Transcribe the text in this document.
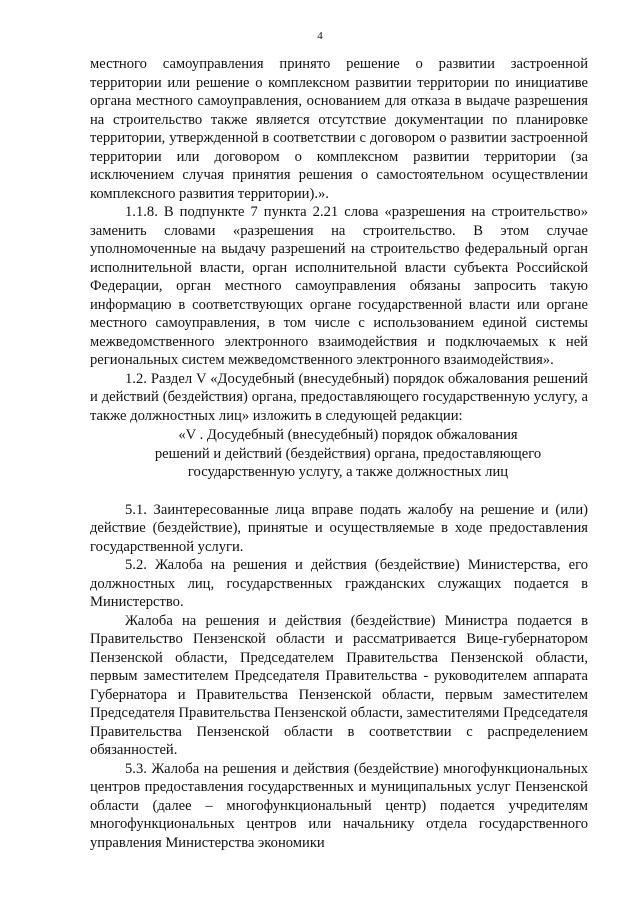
4

местного самоуправления принято решение о развитии застроенной территории или решение о комплексном развитии территории по инициативе органа местного самоуправления, основанием для отказа в выдаче разрешения на строительство также является отсутствие документации по планировке территории, утвержденной в соответствии с договором о развитии застроенной территории или договором о комплексном развитии территории (за исключением случая принятия решения о самостоятельном осуществлении комплексного развития территории).».

1.1.8. В подпункте 7 пункта 2.21 слова «разрешения на строительство» заменить словами «разрешения на строительство. В этом случае уполномоченные на выдачу разрешений на строительство федеральный орган исполнительной власти, орган исполнительной власти субъекта Российской Федерации, орган местного самоуправления обязаны запросить такую информацию в соответствующих органе государственной власти или органе местного самоуправления, в том числе с использованием единой системы межведомственного электронного взаимодействия и подключаемых к ней региональных систем межведомственного электронного взаимодействия».

1.2. Раздел V «Досудебный (внесудебный) порядок обжалования решений и действий (бездействия) органа, предоставляющего государственную услугу, а также должностных лиц» изложить в следующей редакции:

«V . Досудебный (внесудебный) порядок обжалования
решений и действий (бездействия) органа, предоставляющего
государственную услугу, а также должностных лиц

5.1. Заинтересованные лица вправе подать жалобу на решение и (или) действие (бездействие), принятые и осуществляемые в ходе предоставления государственной услуги.

5.2. Жалоба на решения и действия (бездействие) Министерства, его должностных лиц, государственных гражданских служащих подается в Министерство.

Жалоба на решения и действия (бездействие) Министра подается в Правительство Пензенской области и рассматривается Вице-губернатором Пензенской области, Председателем Правительства Пензенской области, первым заместителем Председателя Правительства - руководителем аппарата Губернатора и Правительства Пензенской области, первым заместителем Председателя Правительства Пензенской области, заместителями Председателя Правительства Пензенской области в соответствии с распределением обязанностей.

5.3. Жалоба на решения и действия (бездействие) многофункциональных центров предоставления государственных и муниципальных услуг Пензенской области (далее – многофункциональный центр) подается учредителям многофункциональных центров или начальнику отдела государственного управления Министерства экономики
